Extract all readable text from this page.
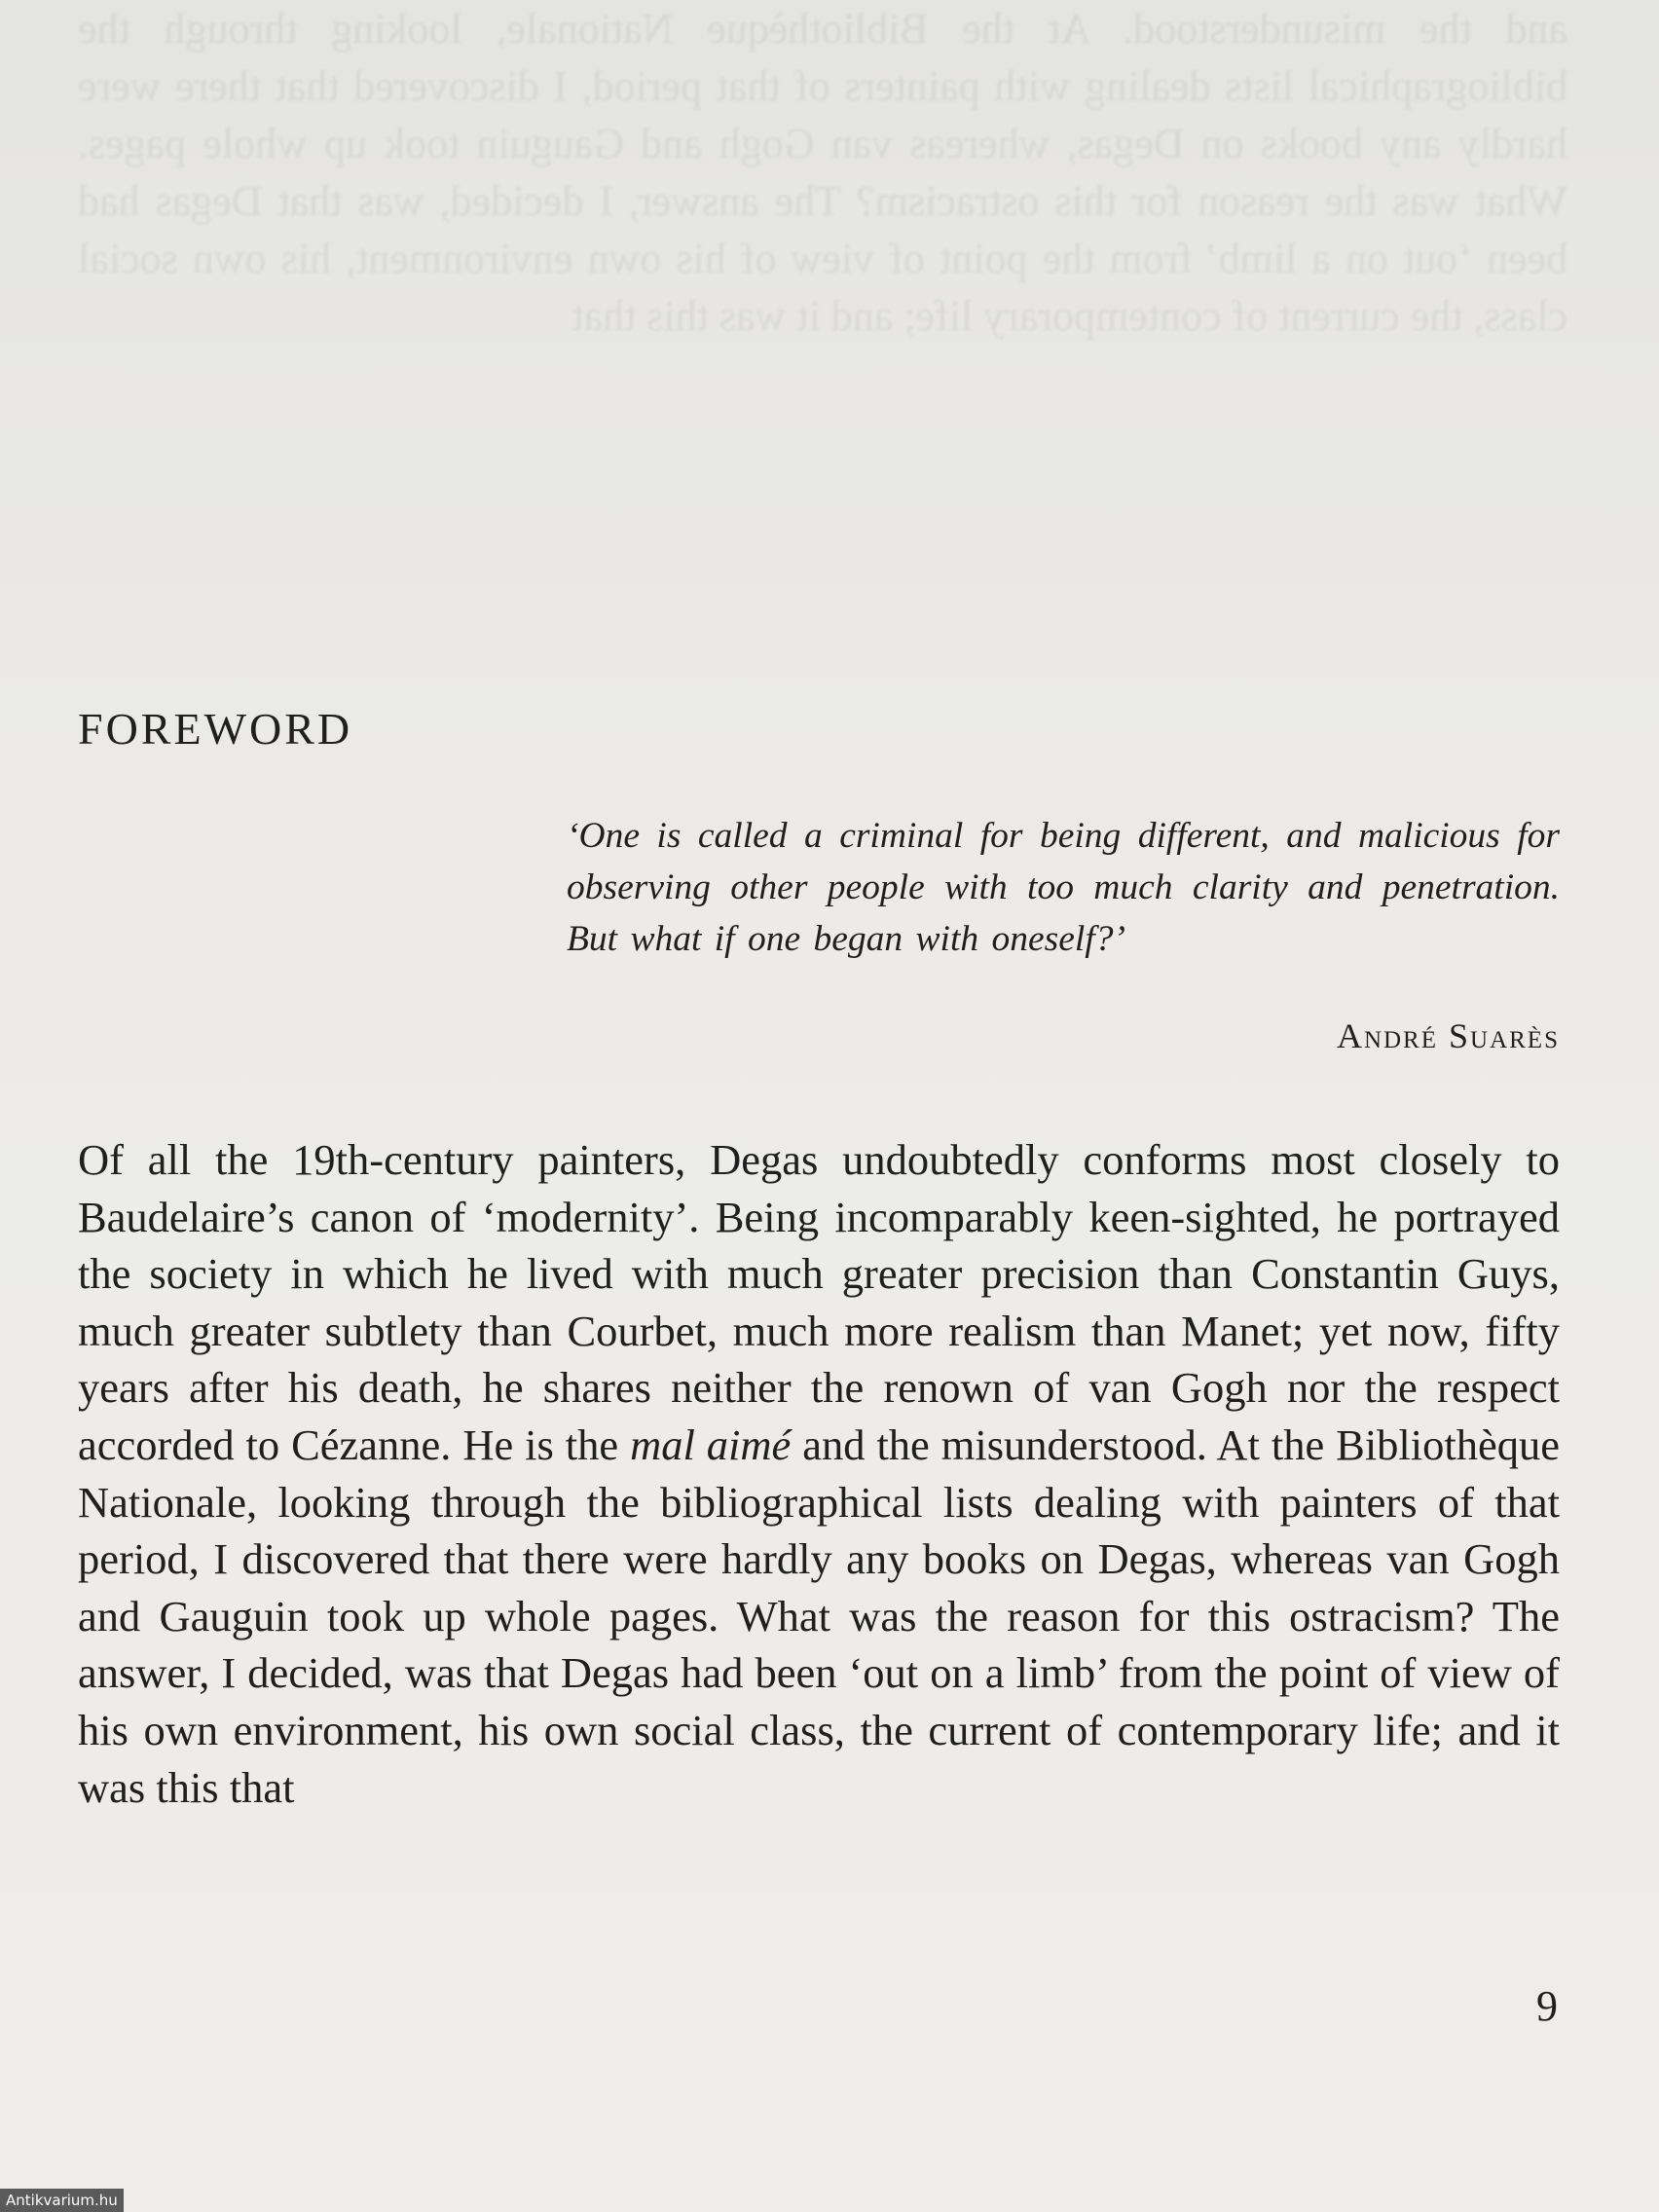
and the misunderstood. At the Bibliothèque Nationale, looking through the bibliographical lists dealing with painters of that period, I discovered that there were hardly any books on Degas, whereas van Gogh and Gauguin took up whole pages. What was the reason for this ostracism? The answer, I decided, was that Degas had been ‘out on a limb’ from the point of view of his own environment, his own social class, the current of contemporary life; and it was this that
FOREWORD

‘One is called a criminal for being different, and malicious for observing other people with too much clarity and penetration. But what if one began with oneself?’

André Suarès

Of all the 19th-century painters, Degas undoubtedly conforms most closely to Baudelaire’s canon of ‘modernity’. Being incomparably keen-sighted, he portrayed the society in which he lived with much greater precision than Constantin Guys, much greater subtlety than Courbet, much more realism than Manet; yet now, fifty years after his death, he shares neither the renown of van Gogh nor the respect accorded to Cézanne. He is the mal aimé and the misunderstood. At the Bibliothèque Nationale, looking through the bibliographical lists dealing with painters of that period, I discovered that there were hardly any books on Degas, whereas van Gogh and Gauguin took up whole pages. What was the reason for this ostracism? The answer, I decided, was that Degas had been ‘out on a limb’ from the point of view of his own environment, his own social class, the current of contemporary life; and it was this that

9

Antikvarium.hu
